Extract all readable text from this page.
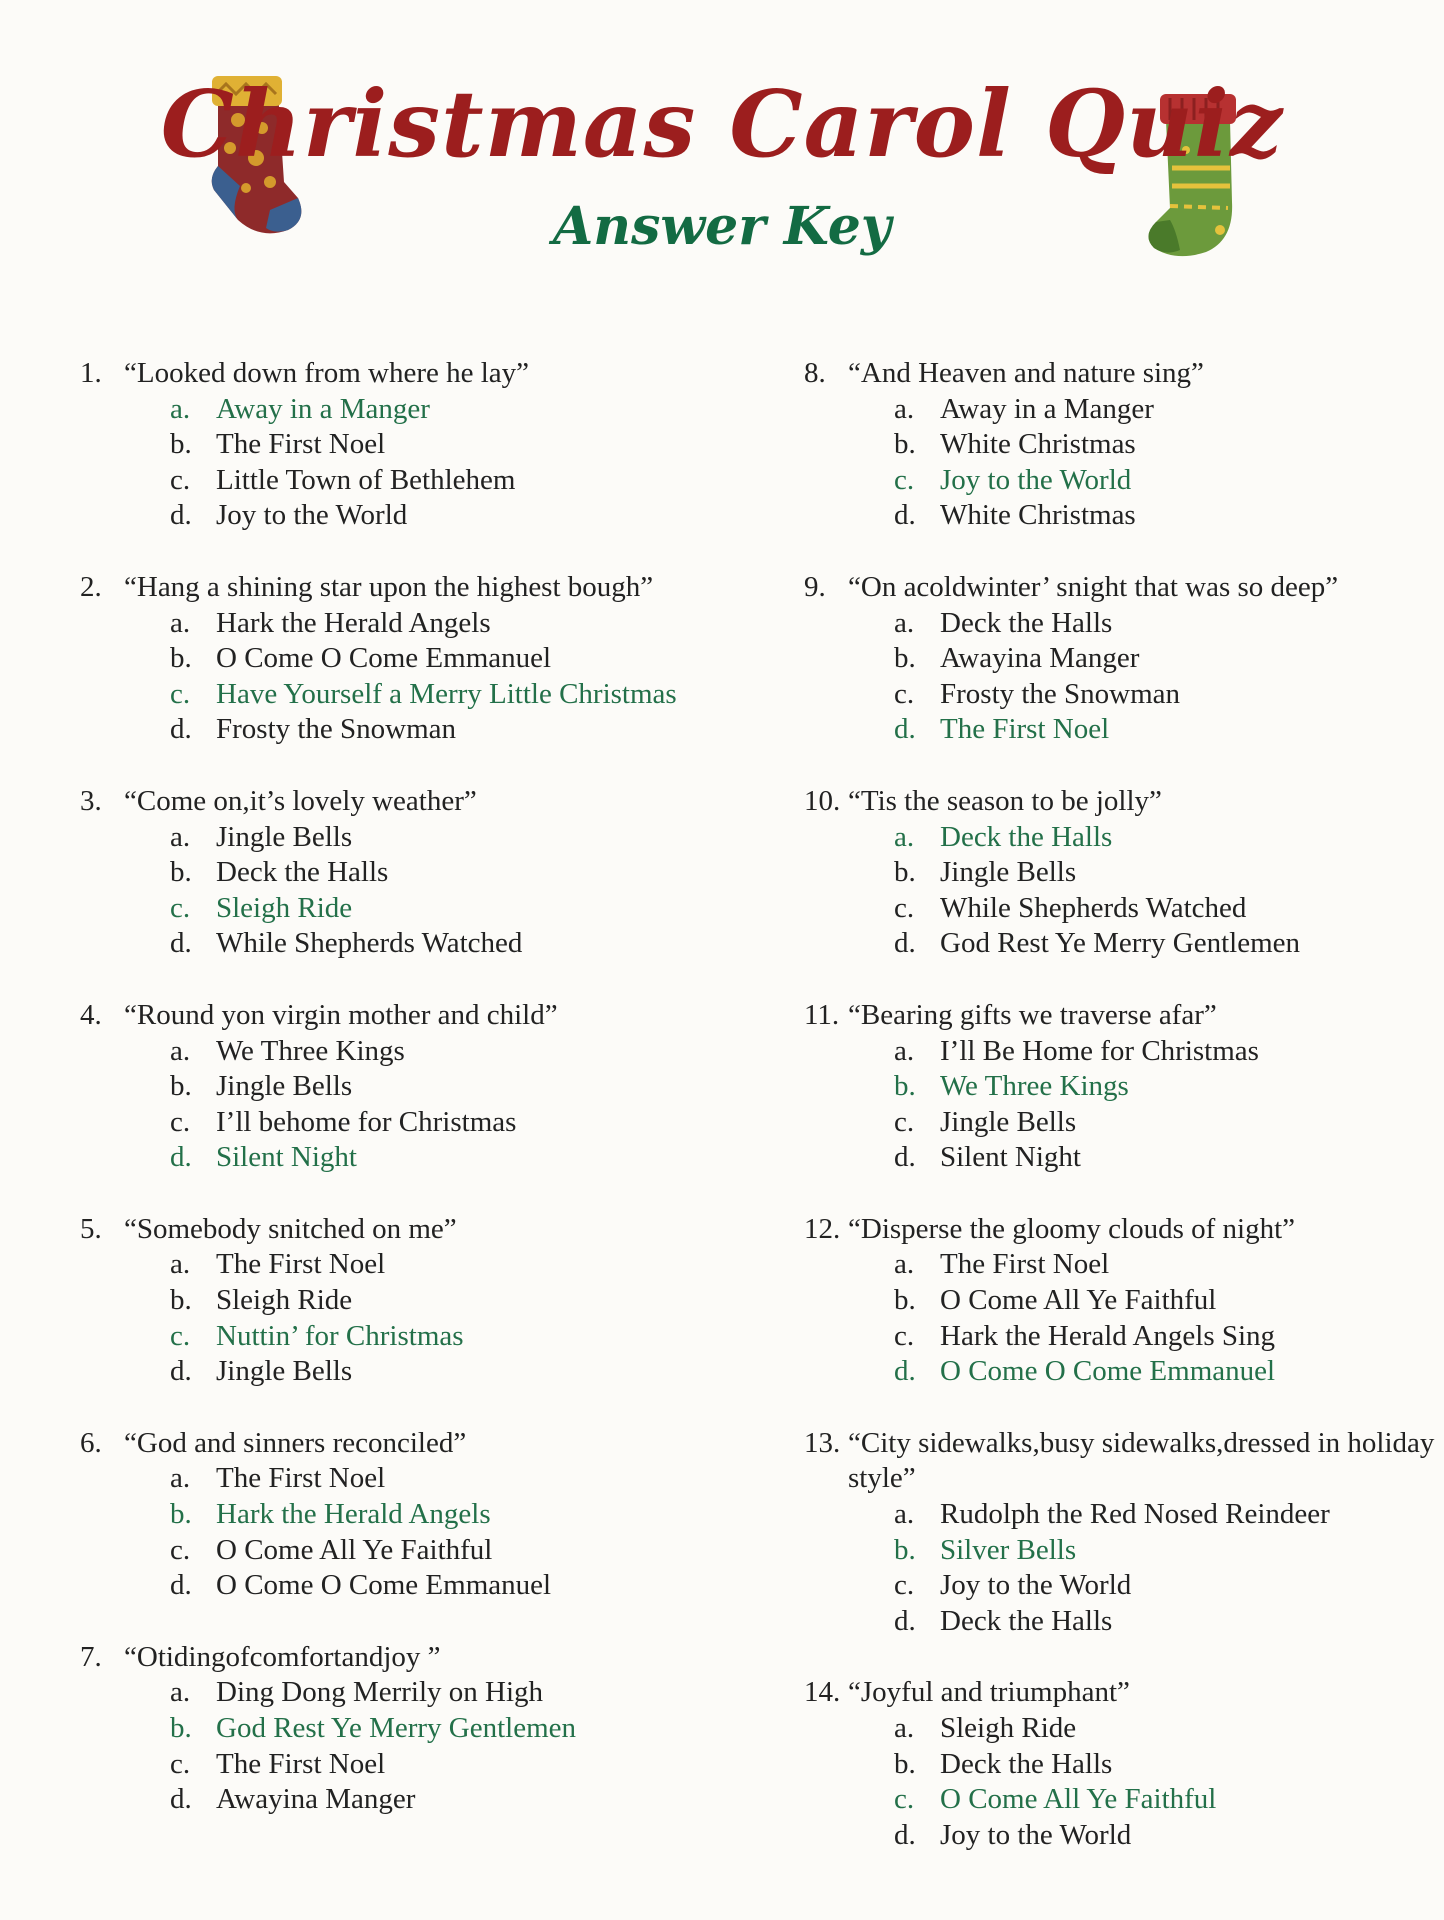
Christmas Carol Quiz
Answer Key
1. “Looked down from where he lay”
a. Away in a Manger
b. The First Noel
c. Little Town of Bethlehem
d. Joy to the World
2. “Hang a shining star upon the highest bough”
a. Hark the Herald Angels
b. O Come O Come Emmanuel
c. Have Yourself a Merry Little Christmas
d. Frosty the Snowman
3. “Come on,it’s lovely weather”
a. Jingle Bells
b. Deck the Halls
c. Sleigh Ride
d. While Shepherds Watched
4. “Round yon virgin mother and child”
a. We Three Kings
b. Jingle Bells
c. I’ll behome for Christmas
d. Silent Night
5. “Somebody snitched on me”
a. The First Noel
b. Sleigh Ride
c. Nuttin’ for Christmas
d. Jingle Bells
6. “God and sinners reconciled”
a. The First Noel
b. Hark the Herald Angels
c. O Come All Ye Faithful
d. O Come O Come Emmanuel
7. “Otidingofcomfortandjoy ”
a. Ding Dong Merrily on High
b. God Rest Ye Merry Gentlemen
c. The First Noel
d. Awayina Manger
8. “And Heaven and nature sing”
a. Away in a Manger
b. White Christmas
c. Joy to the World
d. White Christmas
9. “On acoldwinter’ snight that was so deep”
a. Deck the Halls
b. Awayina Manger
c. Frosty the Snowman
d. The First Noel
10. “Tis the season to be jolly”
a. Deck the Halls
b. Jingle Bells
c. While Shepherds Watched
d. God Rest Ye Merry Gentlemen
11. “Bearing gifts we traverse afar”
a. I’ll Be Home for Christmas
b. We Three Kings
c. Jingle Bells
d. Silent Night
12. “Disperse the gloomy clouds of night”
a. The First Noel
b. O Come All Ye Faithful
c. Hark the Herald Angels Sing
d. O Come O Come Emmanuel
13. “City sidewalks,busy sidewalks,dressed in holiday style”
a. Rudolph the Red Nosed Reindeer
b. Silver Bells
c. Joy to the World
d. Deck the Halls
14. “Joyful and triumphant”
a. Sleigh Ride
b. Deck the Halls
c. O Come All Ye Faithful
d. Joy to the World
